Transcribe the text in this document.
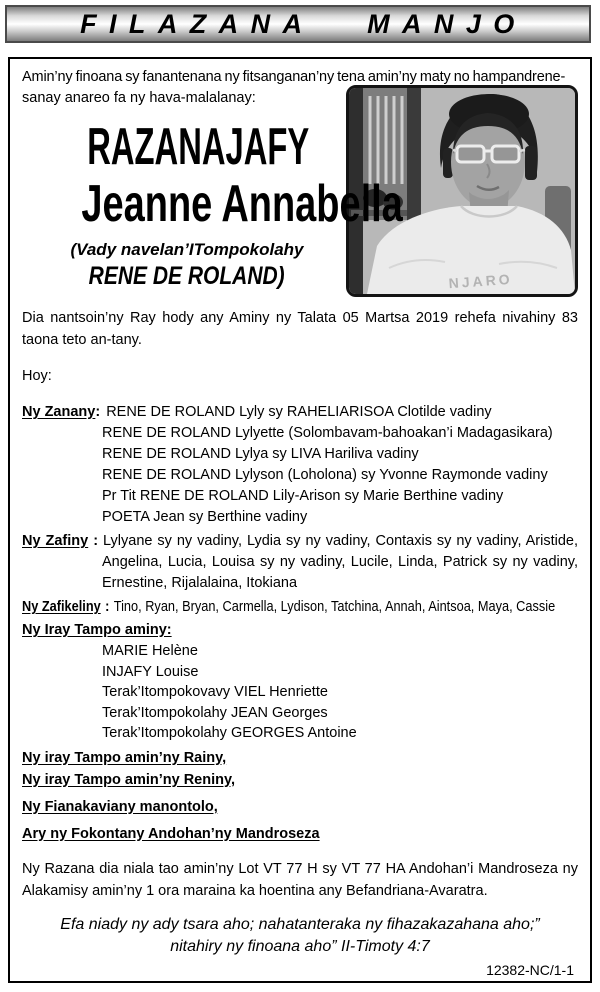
FILAZANA MANJO
Amin’ny finoana sy fanantenana ny fitsanganan’ny tena amin’ny maty no hampandrene-
sanay anareo fa ny hava-malalanay:
NJARO
RAZANAJAFY
Jeanne Annabella
(Vady navelan’ITompokolahy
RENE DE ROLAND)

Dia nantsoin’ny Ray hody any Aminy ny Talata 05 Martsa 2019 rehefa nivahiny 83 taona teto an-tany.

Hoy:

Ny Zanany: RENE DE ROLAND Lyly sy RAHELIARISOA Clotilde vadiny
RENE DE ROLAND Lylyette (Solombavam-bahoakan’i Madagasikara)
RENE DE ROLAND Lylya sy LIVA Hariliva vadiny
RENE DE ROLAND Lylyson (Loholona) sy Yvonne Raymonde vadiny
Pr Tit RENE DE ROLAND Lily-Arison sy Marie Berthine vadiny
POETA Jean sy Berthine vadiny

Ny Zafiny : Lylyane sy ny vadiny, Lydia sy ny vadiny, Contaxis sy ny vadiny, Aristide, Angelina, Lucia, Louisa sy ny vadiny, Lucile, Linda, Patrick sy ny vadiny, Ernestine, Rijalalaina, Itokiana

Ny Zafikeliny : Tino, Ryan, Bryan, Carmella, Lydison, Tatchina, Annah, Aintsoa, Maya, Cassie
Ny Iray Tampo aminy:
MARIE Helène
INJAFY Louise
Terak’Itompokovavy VIEL Henriette
Terak’Itompokolahy JEAN Georges
Terak’Itompokolahy GEORGES Antoine
Ny iray Tampo amin’ny Rainy,
Ny iray Tampo amin’ny Reniny,
Ny Fianakaviany manontolo,
Ary ny Fokontany Andohan’ny Mandroseza

Ny Razana dia niala tao amin’ny Lot VT 77 H sy VT 77 HA Andohan’i Mandroseza ny Alakamisy amin’ny 1 ora maraina ka hoentina any Befandriana-Avaratra.

Efa niady ny ady tsara aho; nahatanteraka ny fihazakazahana aho;”
nitahiry ny finoana aho” II-Timoty 4:7
12382-NC/1-1
